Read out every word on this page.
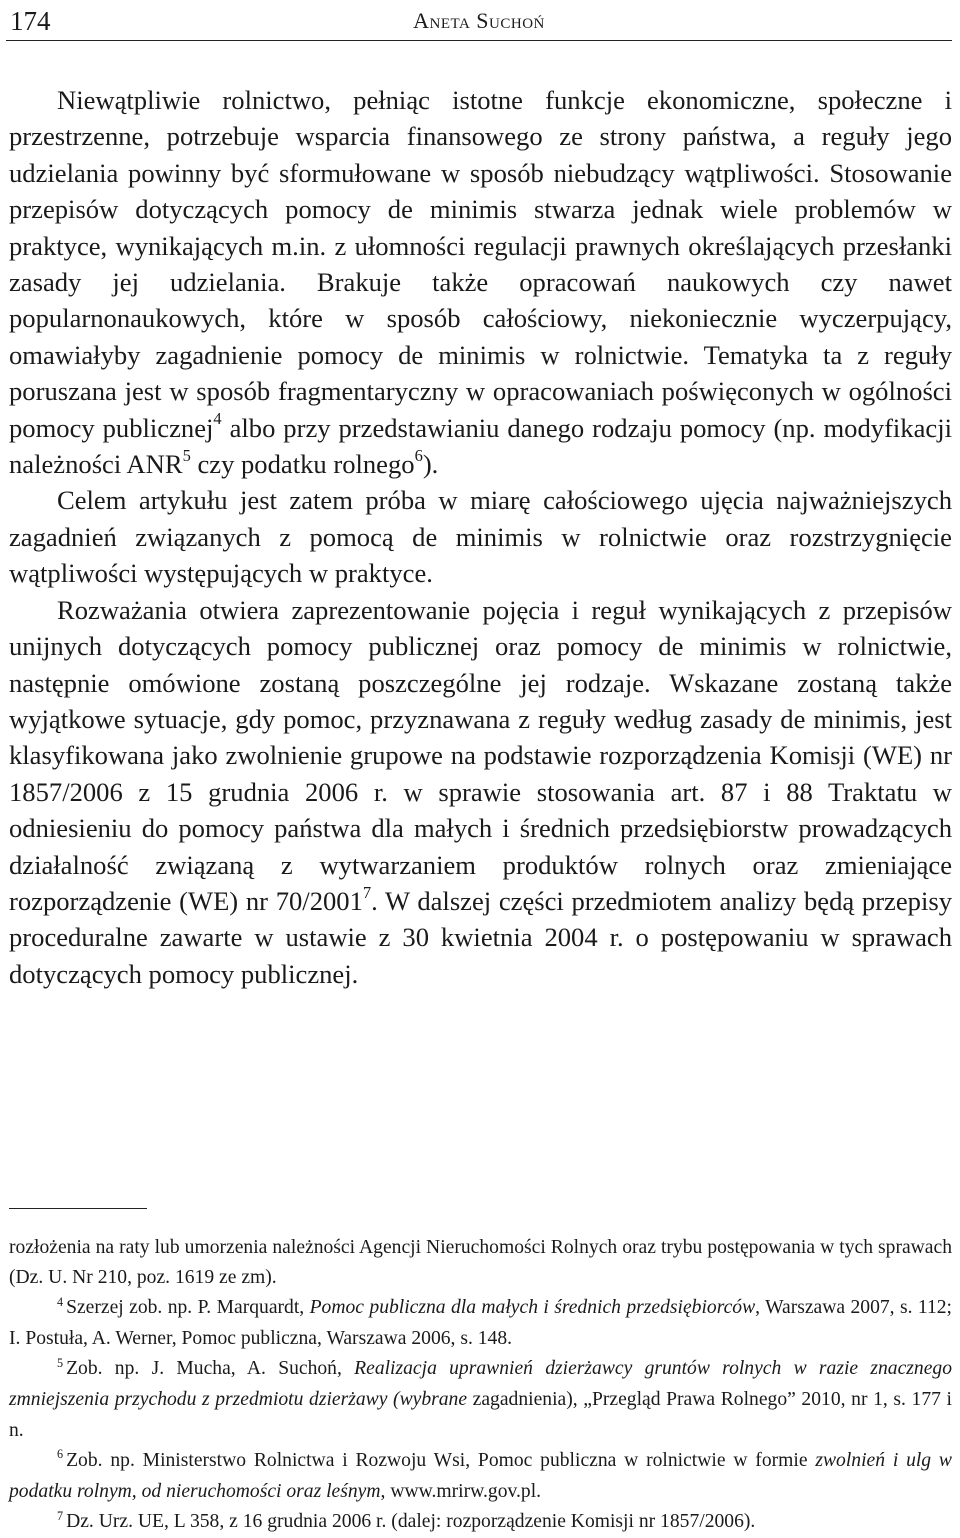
174	Aneta Suchoń

Niewątpliwie rolnictwo, pełniąc istotne funkcje ekonomiczne, społeczne i przestrzenne, potrzebuje wsparcia finansowego ze strony państwa, a reguły jego udzielania powinny być sformułowane w sposób niebudzący wątpliwości. Stosowanie przepisów dotyczących pomocy de minimis stwarza jednak wiele problemów w praktyce, wynikających m.in. z ułomności regulacji prawnych określających przesłanki zasady jej udzielania. Brakuje także opracowań naukowych czy nawet popularnonaukowych, które w sposób całościowy, niekoniecznie wyczerpujący, omawiałyby zagadnienie pomocy de minimis w rolnictwie. Tematyka ta z reguły poruszana jest w sposób fragmentaryczny w opracowaniach poświęconych w ogólności pomocy publicznej$^4$ albo przy przedstawianiu danego rodzaju pomocy (np. modyfikacji należności ANR$^5$ czy podatku rolnego$^6$).

Celem artykułu jest zatem próba w miarę całościowego ujęcia najważniejszych zagadnień związanych z pomocą de minimis w rolnictwie oraz rozstrzygnięcie wątpliwości występujących w praktyce.

Rozważania otwiera zaprezentowanie pojęcia i reguł wynikających z przepisów unijnych dotyczących pomocy publicznej oraz pomocy de minimis w rolnictwie, następnie omówione zostaną poszczególne jej rodzaje. Wskazane zostaną także wyjątkowe sytuacje, gdy pomoc, przyznawana z reguły według zasady de minimis, jest klasyfikowana jako zwolnienie grupowe na podstawie rozporządzenia Komisji (WE) nr 1857/2006 z 15 grudnia 2006 r. w sprawie stosowania art. 87 i 88 Traktatu w odniesieniu do pomocy państwa dla małych i średnich przedsiębiorstw prowadzących działalność związaną z wytwarzaniem produktów rolnych oraz zmieniające rozporządzenie (WE) nr 70/2001$^7$. W dalszej części przedmiotem analizy będą przepisy proceduralne zawarte w ustawie z 30 kwietnia 2004 r. o postępowaniu w sprawach dotyczących pomocy publicznej.

rozłożenia na raty lub umorzenia należności Agencji Nieruchomości Rolnych oraz trybu postępowania w tych sprawach (Dz. U. Nr 210, poz. 1619 ze zm).

$^4$ Szerzej zob. np. P. Marquardt, Pomoc publiczna dla małych i średnich przedsiębiorców, Warszawa 2007, s. 112; I. Postuła, A. Werner, Pomoc publiczna, Warszawa 2006, s. 148.

$^5$ Zob. np. J. Mucha, A. Suchoń, Realizacja uprawnień dzierżawcy gruntów rolnych w razie znacznego zmniejszenia przychodu z przedmiotu dzierżawy (wybrane zagadnienia), „Przegląd Prawa Rolnego” 2010, nr 1, s. 177 i n.

$^6$ Zob. np. Ministerstwo Rolnictwa i Rozwoju Wsi, Pomoc publiczna w rolnictwie w formie zwolnień i ulg w podatku rolnym, od nieruchomości oraz leśnym, www.mrirw.gov.pl.

$^7$ Dz. Urz. UE, L 358, z 16 grudnia 2006 r. (dalej: rozporządzenie Komisji nr 1857/2006).
